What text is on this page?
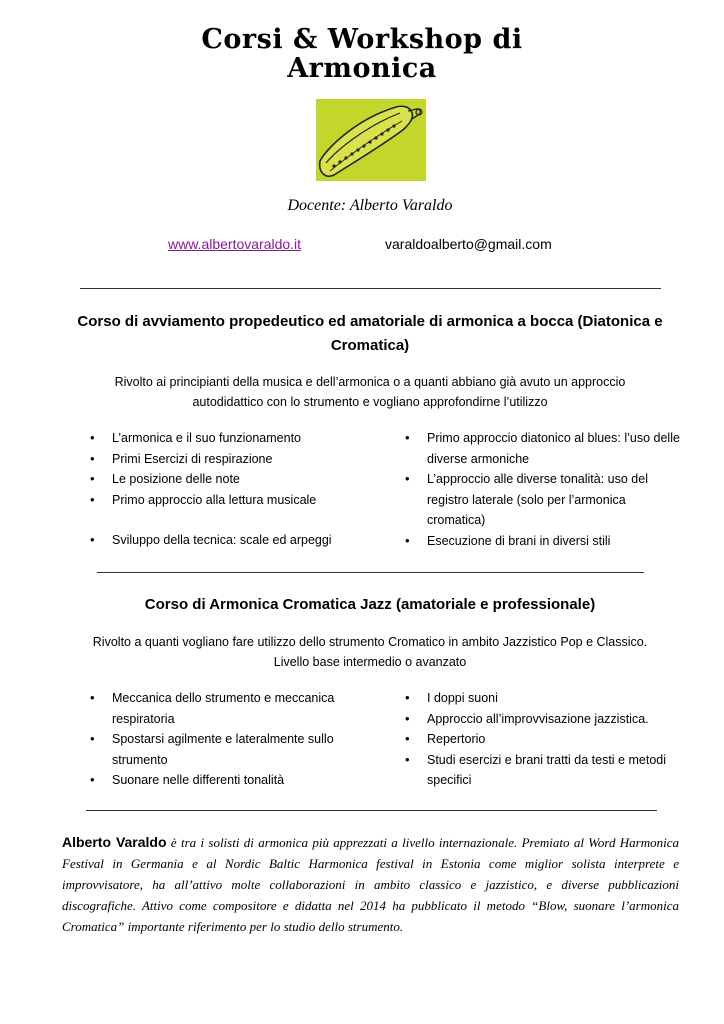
Corsi & Workshop di
Armonica
Docente: Alberto Varaldo
www.albertovaraldo.it	varaldoalberto@gmail.com
Corso di avviamento propedeutico ed amatoriale di armonica a bocca (Diatonica e Cromatica)
Rivolto ai principianti della musica e dell’armonica o a quanti abbiano già avuto un approccio autodidattico con lo strumento e vogliano approfondirne l’utilizzo
• L’armonica e il suo funzionamento
• Primi Esercizi di respirazione
• Le posizione delle note
• Primo approccio alla lettura musicale
• Sviluppo della tecnica: scale ed arpeggi
• Primo approccio diatonico al blues: l’uso delle diverse armoniche
• L’approccio alle diverse tonalità: uso del registro laterale (solo per l’armonica cromatica)
• Esecuzione di brani in diversi stili
Corso di Armonica Cromatica Jazz (amatoriale e professionale)
Rivolto a quanti vogliano fare utilizzo dello strumento Cromatico in ambito Jazzistico Pop e Classico.
Livello base intermedio o avanzato
• Meccanica dello strumento e meccanica respiratoria
• Spostarsi agilmente e lateralmente sullo strumento
• Suonare nelle differenti tonalità
• I doppi suoni
• Approccio all’improvvisazione jazzistica.
• Repertorio
• Studi esercizi e brani tratti da testi e metodi specifici
Alberto Varaldo è tra i solisti di armonica più apprezzati a livello internazionale. Premiato al Word Harmonica Festival in Germania e al Nordic Baltic Harmonica festival in Estonia come miglior solista interprete e improvvisatore, ha all’attivo molte collaborazioni in ambito classico e jazzistico, e diverse pubblicazioni discografiche. Attivo come compositore e didatta nel 2014 ha pubblicato il metodo “Blow, suonare l’armonica Cromatica” importante riferimento per lo studio dello strumento.
